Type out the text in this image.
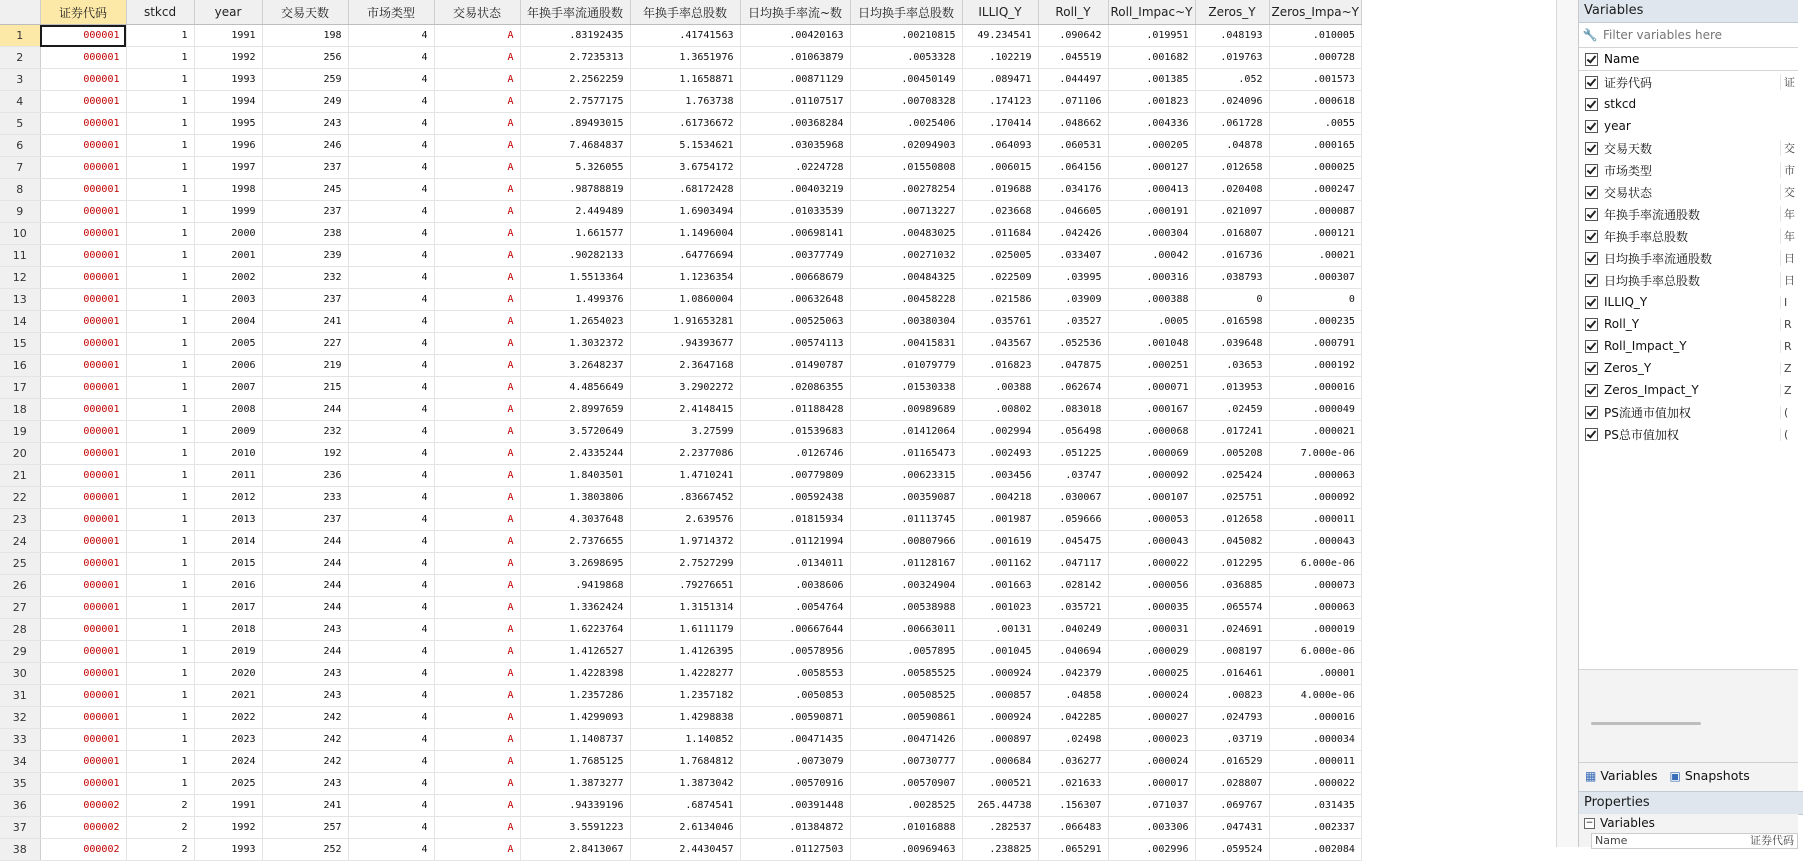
	证券代码	stkcd	year	交易天数	市场类型	交易状态	年换手率流通股数	年换手率总股数	日均换手率流~数	日均换手率总股数	ILLIQ_Y	Roll_Y	Roll_Impac~Y	Zeros_Y	Zeros_Impa~Y
1	000001	1	1991	198	4	A	.83192435	.41741563	.00420163	.00210815	49.234541	.090642	.019951	.048193	.010005
2	000001	1	1992	256	4	A	2.7235313	1.3651976	.01063879	.0053328	.102219	.045519	.001682	.019763	.000728
3	000001	1	1993	259	4	A	2.2562259	1.1658871	.00871129	.00450149	.089471	.044497	.001385	.052	.001573
4	000001	1	1994	249	4	A	2.7577175	1.763738	.01107517	.00708328	.174123	.071106	.001823	.024096	.000618
5	000001	1	1995	243	4	A	.89493015	.61736672	.00368284	.0025406	.170414	.048662	.004336	.061728	.0055
6	000001	1	1996	246	4	A	7.4684837	5.1534621	.03035968	.02094903	.064093	.060531	.000205	.04878	.000165
7	000001	1	1997	237	4	A	5.326055	3.6754172	.0224728	.01550808	.006015	.064156	.000127	.012658	.000025
8	000001	1	1998	245	4	A	.98788819	.68172428	.00403219	.00278254	.019688	.034176	.000413	.020408	.000247
9	000001	1	1999	237	4	A	2.449489	1.6903494	.01033539	.00713227	.023668	.046605	.000191	.021097	.000087
10	000001	1	2000	238	4	A	1.661577	1.1496004	.00698141	.00483025	.011684	.042426	.000304	.016807	.000121
11	000001	1	2001	239	4	A	.90282133	.64776694	.00377749	.00271032	.025005	.033407	.00042	.016736	.00021
12	000001	1	2002	232	4	A	1.5513364	1.1236354	.00668679	.00484325	.022509	.03995	.000316	.038793	.000307
13	000001	1	2003	237	4	A	1.499376	1.0860004	.00632648	.00458228	.021586	.03909	.000388	0	0
14	000001	1	2004	241	4	A	1.2654023	1.91653281	.00525063	.00380304	.035761	.03527	.0005	.016598	.000235
15	000001	1	2005	227	4	A	1.3032372	.94393677	.00574113	.00415831	.043567	.052536	.001048	.039648	.000791
16	000001	1	2006	219	4	A	3.2648237	2.3647168	.01490787	.01079779	.016823	.047875	.000251	.03653	.000192
17	000001	1	2007	215	4	A	4.4856649	3.2902272	.02086355	.01530338	.00388	.062674	.000071	.013953	.000016
18	000001	1	2008	244	4	A	2.8997659	2.4148415	.01188428	.00989689	.00802	.083018	.000167	.02459	.000049
19	000001	1	2009	232	4	A	3.5720649	3.27599	.01539683	.01412064	.002994	.056498	.000068	.017241	.000021
20	000001	1	2010	192	4	A	2.4335244	2.2377086	.0126746	.01165473	.002493	.051225	.000069	.005208	7.000e-06
21	000001	1	2011	236	4	A	1.8403501	1.4710241	.00779809	.00623315	.003456	.03747	.000092	.025424	.000063
22	000001	1	2012	233	4	A	1.3803806	.83667452	.00592438	.00359087	.004218	.030067	.000107	.025751	.000092
23	000001	1	2013	237	4	A	4.3037648	2.639576	.01815934	.01113745	.001987	.059666	.000053	.012658	.000011
24	000001	1	2014	244	4	A	2.7376655	1.9714372	.01121994	.00807966	.001619	.045475	.000043	.045082	.000043
25	000001	1	2015	244	4	A	3.2698695	2.7527299	.0134011	.01128167	.001162	.047117	.000022	.012295	6.000e-06
26	000001	1	2016	244	4	A	.9419868	.79276651	.0038606	.00324904	.001663	.028142	.000056	.036885	.000073
27	000001	1	2017	244	4	A	1.3362424	1.3151314	.0054764	.00538988	.001023	.035721	.000035	.065574	.000063
28	000001	1	2018	243	4	A	1.6223764	1.6111179	.00667644	.00663011	.00131	.040249	.000031	.024691	.000019
29	000001	1	2019	244	4	A	1.4126527	1.4126395	.00578956	.0057895	.001045	.040694	.000029	.008197	6.000e-06
30	000001	1	2020	243	4	A	1.4228398	1.4228277	.0058553	.00585525	.000924	.042379	.000025	.016461	.00001
31	000001	1	2021	243	4	A	1.2357286	1.2357182	.0050853	.00508525	.000857	.04858	.000024	.00823	4.000e-06
32	000001	1	2022	242	4	A	1.4299093	1.4298838	.00590871	.00590861	.000924	.042285	.000027	.024793	.000016
33	000001	1	2023	242	4	A	1.1408737	1.140852	.00471435	.00471426	.000897	.02498	.000023	.03719	.000034
34	000001	1	2024	242	4	A	1.7685125	1.7684812	.0073079	.00730777	.000684	.036277	.000024	.016529	.000011
35	000001	1	2025	243	4	A	1.3873277	1.3873042	.00570916	.00570907	.000521	.021633	.000017	.028807	.000022
36	000002	2	1991	241	4	A	.94339196	.6874541	.00391448	.0028525	265.44738	.156307	.071037	.069767	.031435
37	000002	2	1992	257	4	A	3.5591223	2.6134046	.01384872	.01016888	.282537	.066483	.003306	.047431	.002337
38	000002	2	1993	252	4	A	2.8413067	2.4430457	.01127503	.00969463	.238825	.065291	.002996	.059524	.002084
Variables
🔧
Filter variables here
Name
证券代码	证
stkcd
year
交易天数	交
市场类型	市
交易状态	交
年换手率流通股数	年
年换手率总股数	年
日均换手率流通股数	日
日均换手率总股数	日
ILLIQ_Y	I
Roll_Y	R
Roll_Impact_Y	R
Zeros_Y	Z
Zeros_Impact_Y	Z
PS流通市值加权	(
PS总市值加权	(
▦ Variables ▣ Snapshots
Properties
− Variables
Name	证券代码
